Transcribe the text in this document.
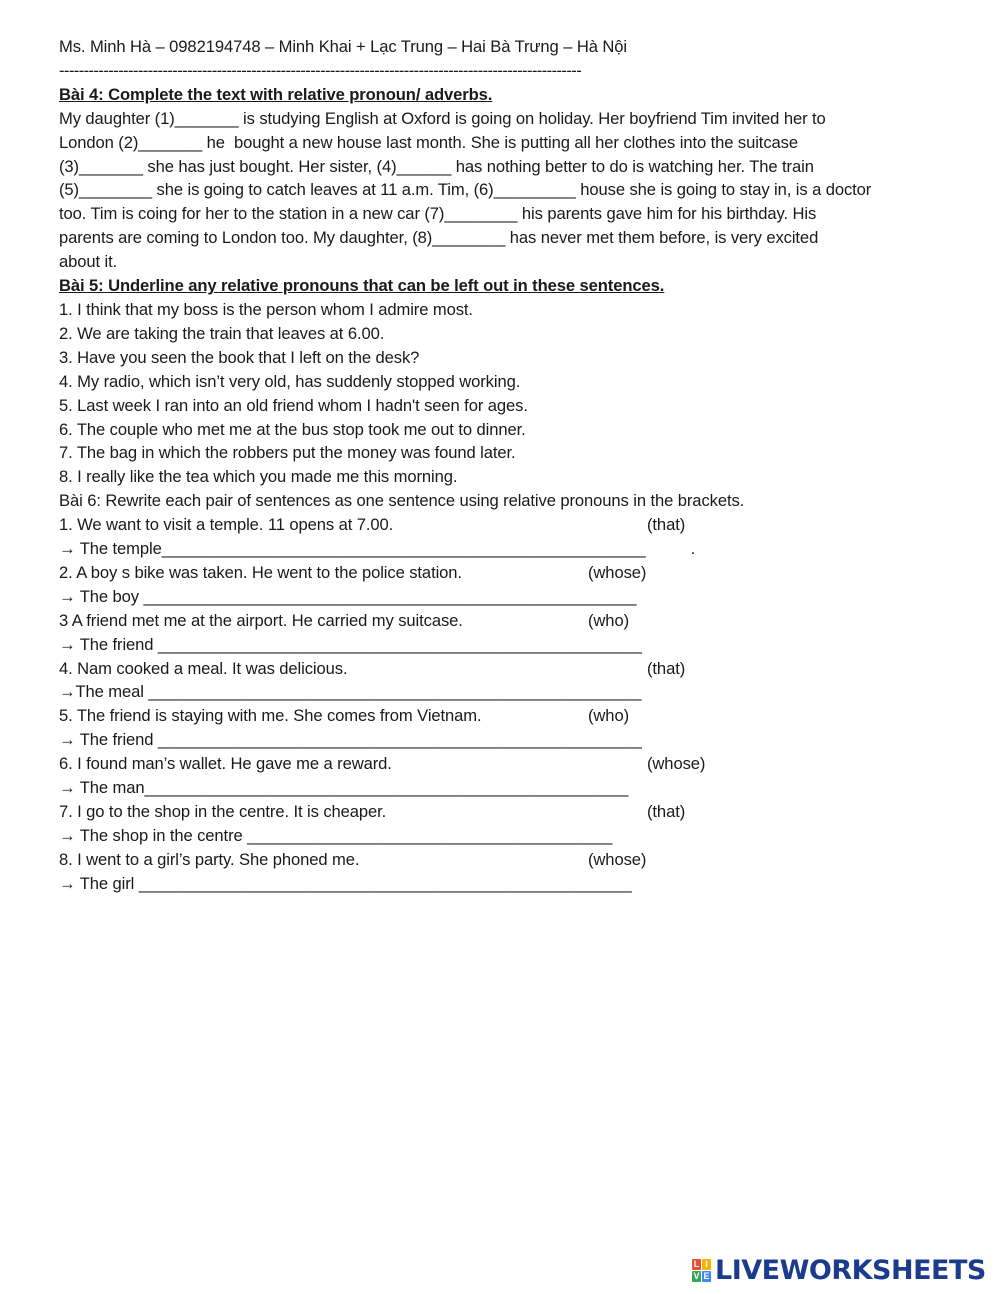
Ms. Minh Hà – 0982194748 – Minh Khai + Lạc Trung – Hai Bà Trưng – Hà Nội
----------------------------------------------------------------------------------------------------------
Bài 4: Complete the text with relative pronoun/ adverbs.
My daughter (1)_______ is studying English at Oxford is going on holiday. Her boyfriend Tim invited her to
London (2)_______ he  bought a new house last month. She is putting all her clothes into the suitcase
(3)_______ she has just bought. Her sister, (4)______ has nothing better to do is watching her. The train
(5)________ she is going to catch leaves at 11 a.m. Tim, (6)_________ house she is going to stay in, is a doctor
too. Tim is coing for her to the station in a new car (7)________ his parents gave him for his birthday. His
parents are coming to London too. My daughter, (8)________ has never met them before, is very excited
about it.
Bài 5: Underline any relative pronouns that can be left out in these sentences.
1. I think that my boss is the person whom I admire most.
2. We are taking the train that leaves at 6.00.
3. Have you seen the book that I left on the desk?
4. My radio, which isn’t very old, has suddenly stopped working.
5. Last week I ran into an old friend whom I hadn't seen for ages.
6. The couple who met me at the bus stop took me out to dinner.
7. The bag in which the robbers put the money was found later.
8. I really like the tea which you made me this morning.
Bài 6: Rewrite each pair of sentences as one sentence using relative pronouns in the brackets.

1. We want to visit a temple. 11 opens at 7.00.

	(that)

→ The temple_____________________________________________________          .

2. A boy s bike was taken. He went to the police station.

	(whose)

→ The boy ______________________________________________________

3 A friend met me at the airport. He carried my suitcase.

	(who)

→ The friend _____________________________________________________

4. Nam cooked a meal. It was delicious.

	(that)

→The meal ______________________________________________________

5. The friend is staying with me. She comes from Vietnam.

	(who)

→ The friend _____________________________________________________

6. I found man’s wallet. He gave me a reward.

	(whose)

→ The man_____________________________________________________

7. I go to the shop in the centre. It is cheaper.

	(that)

→ The shop in the centre ________________________________________

8. I went to a girl’s party. She phoned me.

	(whose)

→ The girl ______________________________________________________
L I
V E LIVEWORKSHEETS
